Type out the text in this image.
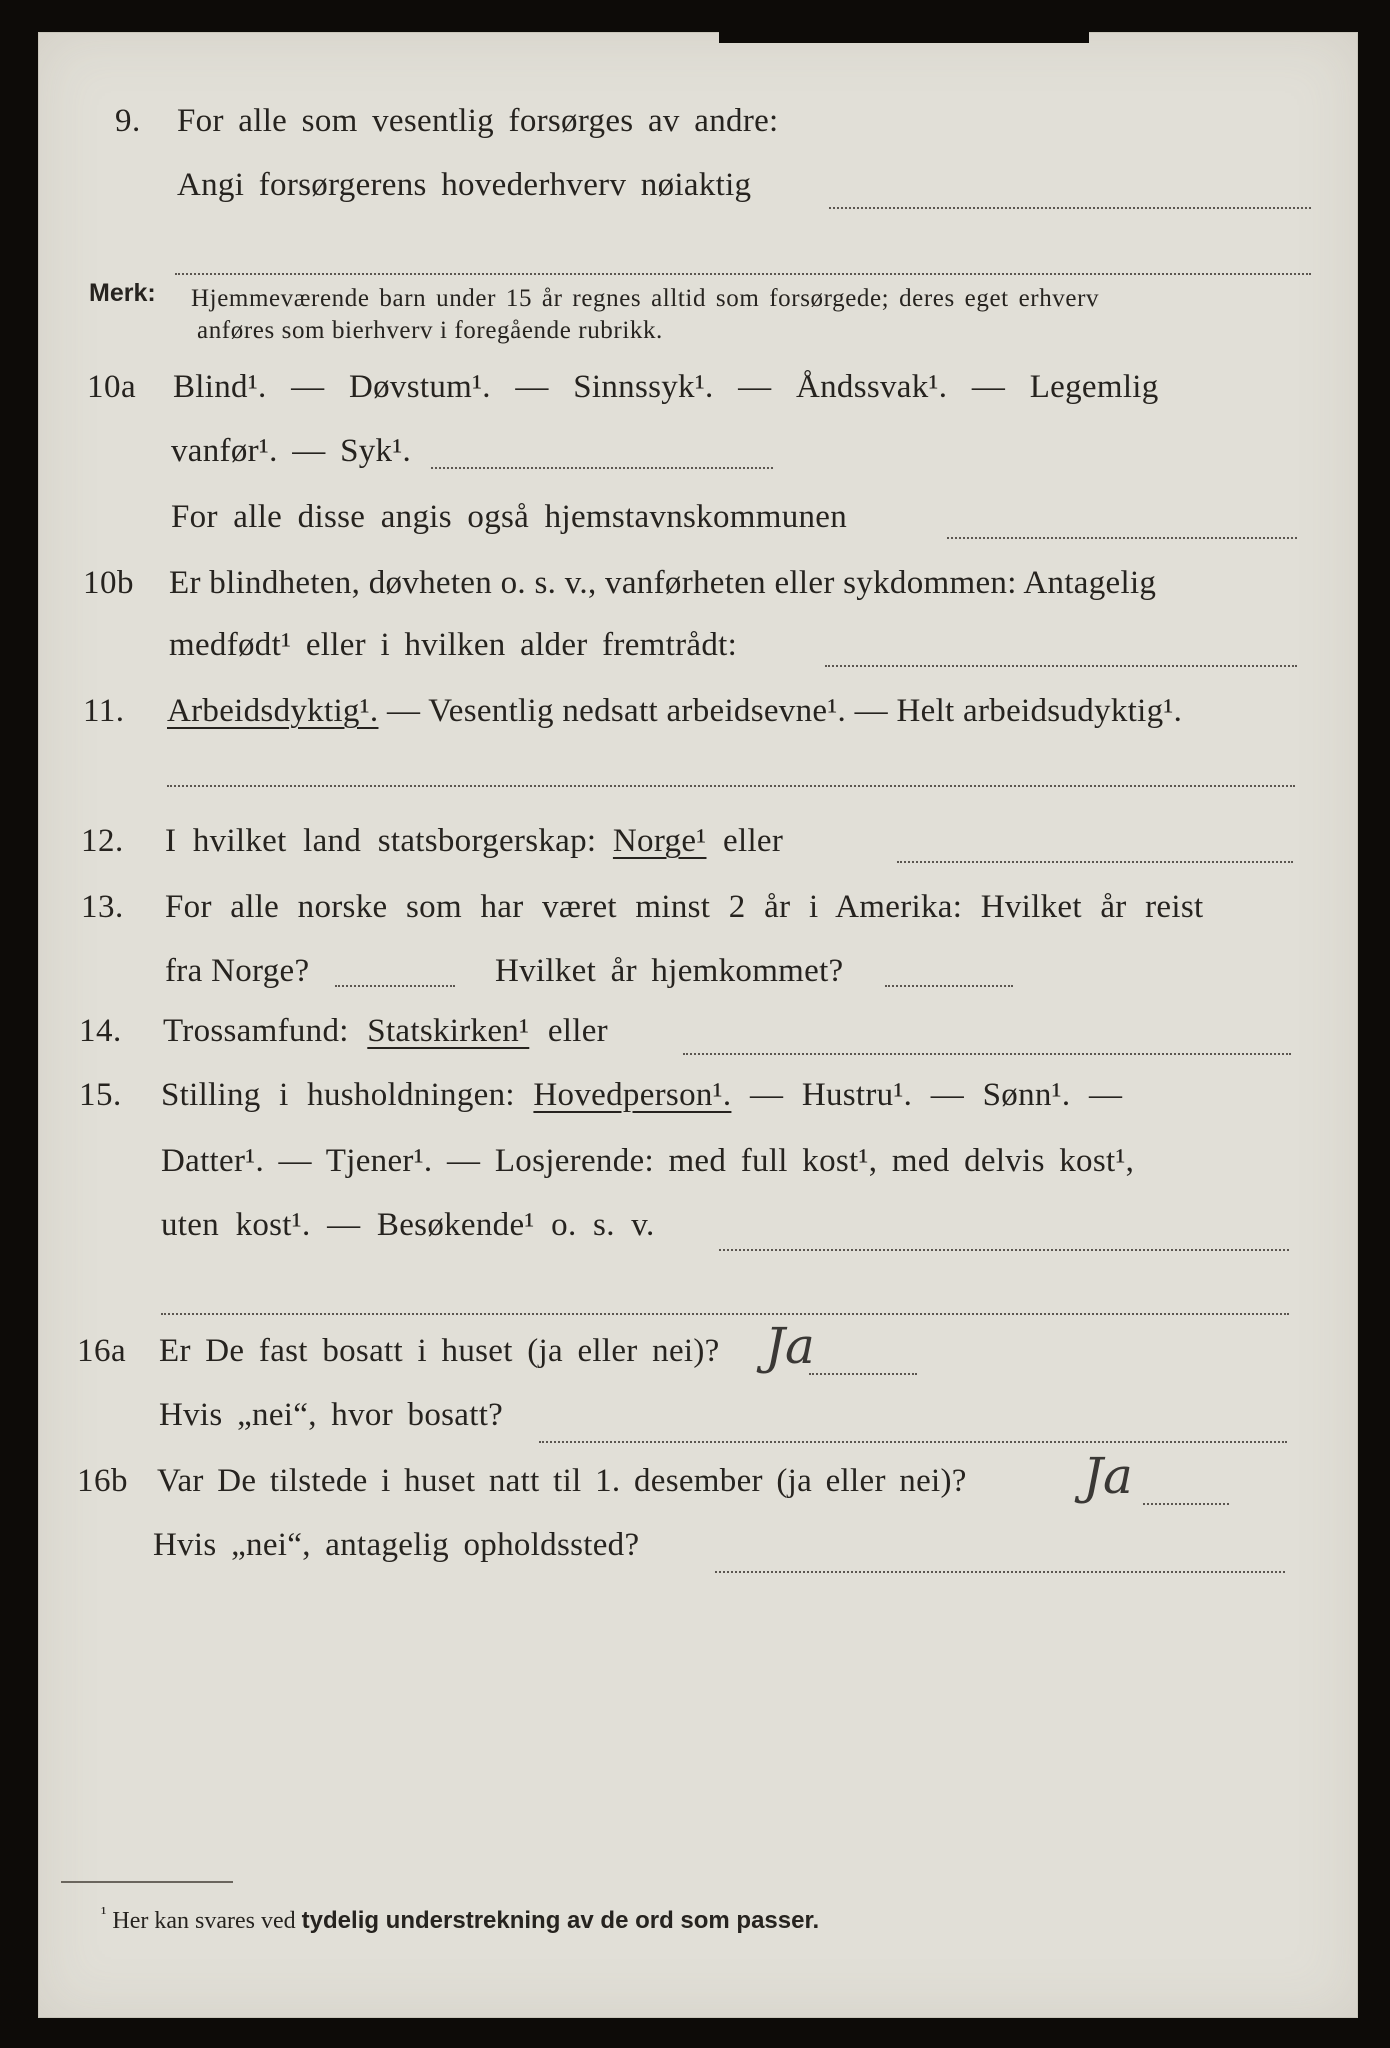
9. For alle som vesentlig forsørges av andre:
Angi forsørgerens hovederhverv nøiaktig
Merk: Hjemmeværende barn under 15 år regnes alltid som forsørgede; deres eget erhverv
anføres som bierhverv i foregående rubrikk.
10a Blind¹. — Døvstum¹. — Sinnssyk¹. — Åndssvak¹. — Legemlig
vanfør¹. — Syk¹.
For alle disse angis også hjemstavnskommunen
10b Er blindheten, døvheten o. s. v., vanførheten eller sykdommen: Antagelig
medfødt¹ eller i hvilken alder fremtrådt:
11. Arbeidsdyktig¹. — Vesentlig nedsatt arbeidsevne¹. — Helt arbeidsudyktig¹.
12. I hvilket land statsborgerskap: Norge¹ eller
13. For alle norske som har været minst 2 år i Amerika: Hvilket år reist
fra Norge?	Hvilket år hjemkommet?
14. Trossamfund: Statskirken¹ eller
15. Stilling i husholdningen: Hovedperson¹. — Hustru¹. — Sønn¹. —
Datter¹. — Tjener¹. — Losjerende: med full kost¹, med delvis kost¹,
uten kost¹. — Besøkende¹ o. s. v.
16a Er De fast bosatt i huset (ja eller nei)? Ja
Hvis „nei“, hvor bosatt?
16b Var De tilstede i huset natt til 1. desember (ja eller nei)? Ja
Hvis „nei“, antagelig opholdssted?
$^{^1}$ Her kan svares ved tydelig understrekning av de ord som passer.
